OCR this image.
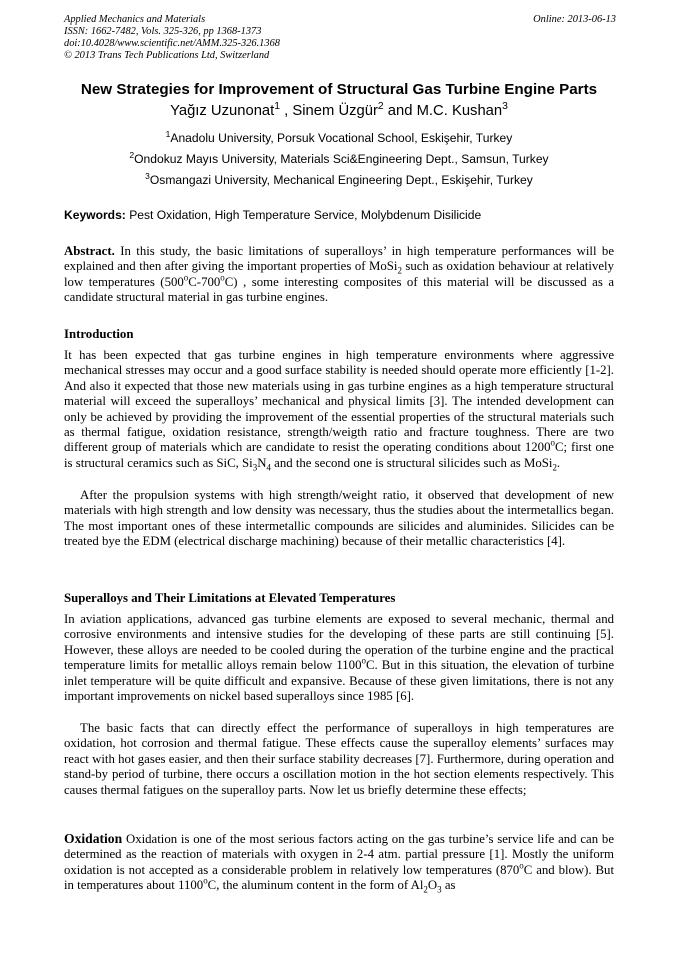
Applied Mechanics and Materials
ISSN: 1662-7482, Vols. 325-326, pp 1368-1373
doi:10.4028/www.scientific.net/AMM.325-326.1368
© 2013 Trans Tech Publications Ltd, Switzerland
Online: 2013-06-13
New Strategies for Improvement of Structural Gas Turbine Engine Parts
Yağız Uzunonat$^1$ , Sinem Üzgür$^2$ and M.C. Kushan$^3$
$^1$Anadolu University, Porsuk Vocational School, Eskişehir, Turkey
$^2$Ondokuz Mayıs University, Materials Sci&Engineering Dept., Samsun, Turkey
$^3$Osmangazi University, Mechanical Engineering Dept., Eskişehir, Turkey
Keywords: Pest Oxidation, High Temperature Service, Molybdenum Disilicide
Abstract. In this study, the basic limitations of superalloys’ in high temperature performances will be explained and then after giving the important properties of MoSi$_2$ such as oxidation behaviour at relatively low temperatures (500$^o$C-700$^o$C) , some interesting composites of this material will be discussed as a candidate structural material in gas turbine engines.
Introduction
It has been expected that gas turbine engines in high temperature environments where aggressive mechanical stresses may occur and a good surface stability is needed should operate more efficiently [1-2]. And also it expected that those new materials using in gas turbine engines as a high temperature structural material will exceed the superalloys’ mechanical and physical limits [3]. The intended development can only be achieved by providing the improvement of the essential properties of the structural materials such as thermal fatigue, oxidation resistance, strength/weigth ratio and fracture toughness. There are two different group of materials which are candidate to resist the operating conditions about 1200$^o$C; first one is structural ceramics such as SiC, $Si_3N_4$ and the second one is structural silicides such as MoSi$_2$.
After the propulsion systems with high strength/weight ratio, it observed that development of new materials with high strength and low density was necessary, thus the studies about the intermetallics began. The most important ones of these intermetallic compounds are silicides and aluminides. Silicides can be treated bye the EDM (electrical discharge machining) because of their metallic characteristics [4].
Superalloys and Their Limitations at Elevated Temperatures
In aviation applications, advanced gas turbine elements are exposed to several mechanic, thermal and corrosive environments and intensive studies for the developing of these parts are still continuing [5]. However, these alloys are needed to be cooled during the operation of the turbine engine and the practical temperature limits for metallic alloys remain below 1100$^o$C. But in this situation, the elevation of turbine inlet temperature will be quite difficult and expansive. Because of these given limitations, there is not any important improvements on nickel based superalloys since 1985 [6].
The basic facts that can directly effect the performance of superalloys in high temperatures are oxidation, hot corrosion and thermal fatigue. These effects cause the superalloy elements’ surfaces may react with hot gases easier, and then their surface stability decreases [7]. Furthermore, during operation and stand-by period of turbine, there occurs a oscillation motion in the hot section elements respectively. This causes thermal fatigues on the superalloy parts. Now let us briefly determine these effects;
Oxidation Oxidation is one of the most serious factors acting on the gas turbine’s service life and can be determined as the reaction of materials with oxygen in 2-4 atm. partial pressure [1]. Mostly the uniform oxidation is not accepted as a considerable problem in relatively low temperatures (870$^o$C and blow). But in temperatures about 1100$^o$C, the aluminum content in the form of $Al_2O_3$ as
